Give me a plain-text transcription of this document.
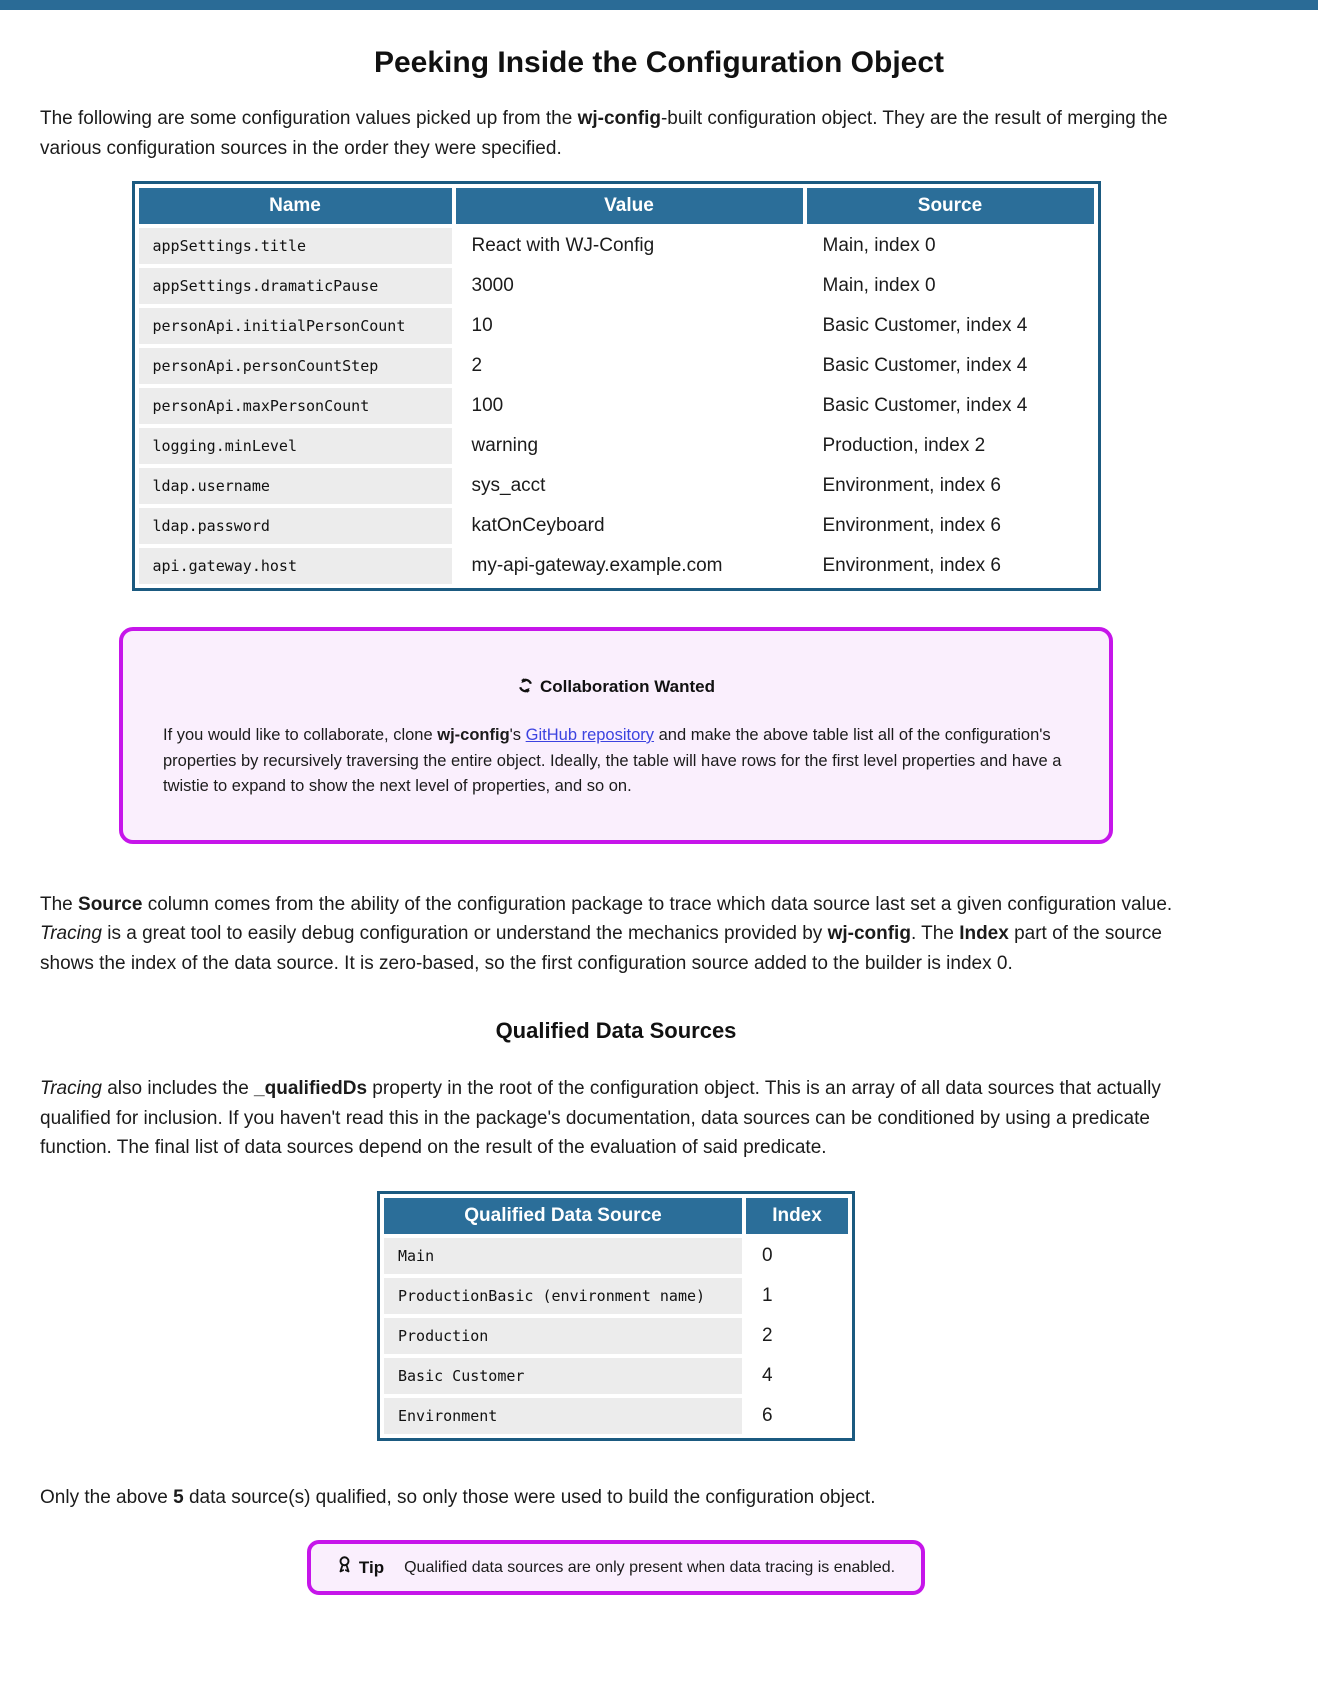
Peeking Inside the Configuration Object

The following are some configuration values picked up from the wj-config-built configuration object. They are the result of merging the various configuration sources in the order they were specified.

Name	Value	Source
appSettings.title	React with WJ-Config	Main, index 0
appSettings.dramaticPause	3000	Main, index 0
personApi.initialPersonCount	10	Basic Customer, index 4
personApi.personCountStep	2	Basic Customer, index 4
personApi.maxPersonCount	100	Basic Customer, index 4
logging.minLevel	warning	Production, index 2
ldap.username	sys_acct	Environment, index 6
ldap.password	katOnCeyboard	Environment, index 6
api.gateway.host	my-api-gateway.example.com	Environment, index 6
Collaboration Wanted
If you would like to collaborate, clone wj-config's GitHub repository and make the above table list all of the configuration's properties by recursively traversing the entire object. Ideally, the table will have rows for the first level properties and have a twistie to expand to show the next level of properties, and so on.

The Source column comes from the ability of the configuration package to trace which data source last set a given configuration value. Tracing is a great tool to easily debug configuration or understand the mechanics provided by wj-config. The Index part of the source shows the index of the data source. It is zero-based, so the first configuration source added to the builder is index 0.

Qualified Data Sources

Tracing also includes the _qualifiedDs property in the root of the configuration object. This is an array of all data sources that actually qualified for inclusion. If you haven't read this in the package's documentation, data sources can be conditioned by using a predicate function. The final list of data sources depend on the result of the evaluation of said predicate.

Qualified Data Source	Index
Main	0
ProductionBasic (environment name)	1
Production	2
Basic Customer	4
Environment	6

Only the above 5 data source(s) qualified, so only those were used to build the configuration object.

Tip Qualified data sources are only present when data tracing is enabled.
